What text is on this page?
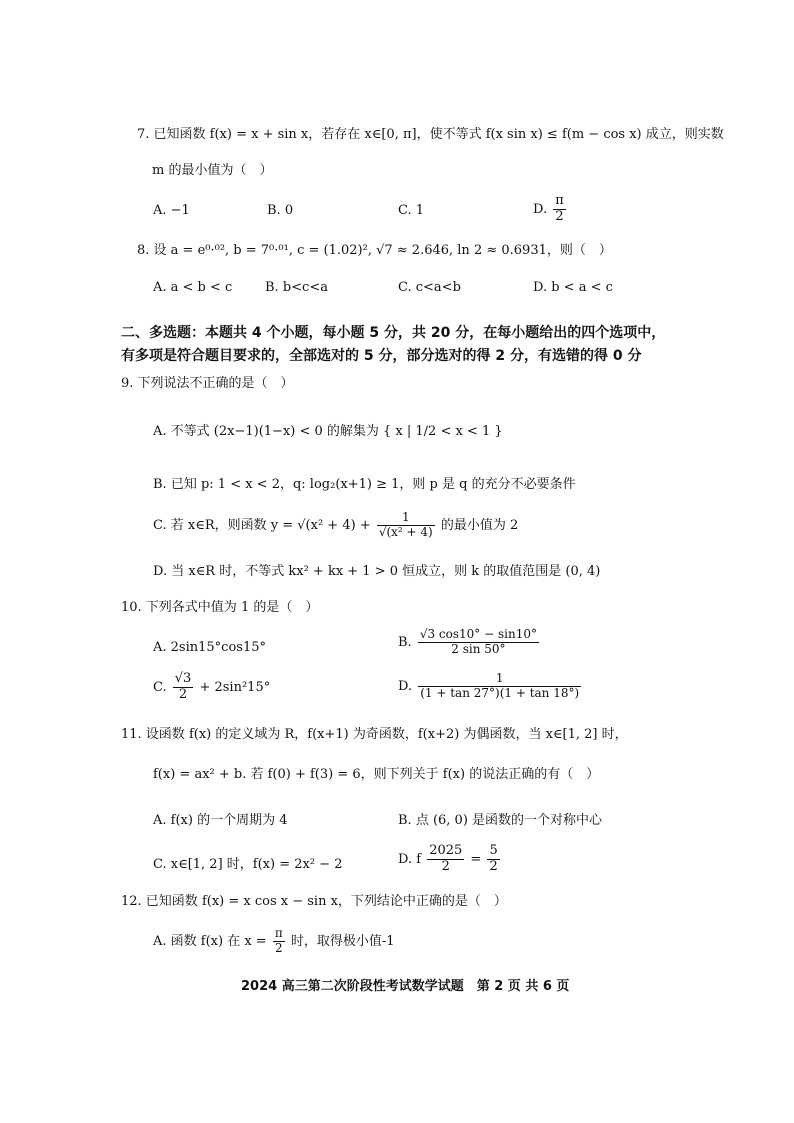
7. 已知函数 f(x) = x + sin x，若存在 x∈[0, π]，使不等式 f(x sin x) ≤ f(m − cos x) 成立，则实数
m 的最小值为（　）
A. −1	B. 0	C. 1	D. $\frac{\pi}{2}$
8. 设 a = e⁰·⁰², b = 7⁰·⁰¹, c = (1.02)², √7 ≈ 2.646, ln 2 ≈ 0.6931，则（　）
A. a < b < c	B. b<c<a	C. c<a<b	D. b < a < c
二、多选题：本题共 4 个小题，每小题 5 分，共 20 分，在每小题给出的四个选项中，
有多项是符合题目要求的，全部选对的 5 分，部分选对的得 2 分，有选错的得 0 分
9. 下列说法不正确的是（　）
A. 不等式 (2x−1)(1−x) < 0 的解集为 { x | 1/2 < x < 1 }
B. 已知 p: 1 < x < 2，q: log₂(x+1) ≥ 1，则 p 是 q 的充分不必要条件
C. 若 x∈R，则函数 $y = √(x^2 + 4) + \frac{1}{\text{√(x² + 4)}}$ 的最小值为 2
D. 当 x∈R 时，不等式 kx² + kx + 1 > 0 恒成立，则 k 的取值范围是 (0, 4)
10. 下列各式中值为 1 的是（　）
A. 2sin15°cos15°	B. $\frac{√3 \cos 10^\circ - \sin 10^\circ}{2 \sin 50^\circ}$
C. $\frac{√3}{2} + 2\sin^215^\circ$	D. $\frac{1}{(1 + \tan 27^\circ)(1 + \tan 18^\circ)}$
11. 设函数 f(x) 的定义域为 R，f(x+1) 为奇函数，f(x+2) 为偶函数，当 x∈[1, 2] 时，
f(x) = ax² + b. 若 f(0) + f(3) = 6，则下列关于 f(x) 的说法正确的有（　）
A. f(x) 的一个周期为 4	B. 点 (6, 0) 是函数的一个对称中心
C. x∈[1, 2] 时，f(x) = 2x² − 2	D. f $\frac{2025}{2} = \frac{5}{2}$
12. 已知函数 f(x) = x cos x − sin x，下列结论中正确的是（　）
A. 函数 f(x) 在 $x = \frac{\pi}{2}$ 时，取得极小值-1
2024 高三第二次阶段性考试数学试题　第 2 页 共 6 页
